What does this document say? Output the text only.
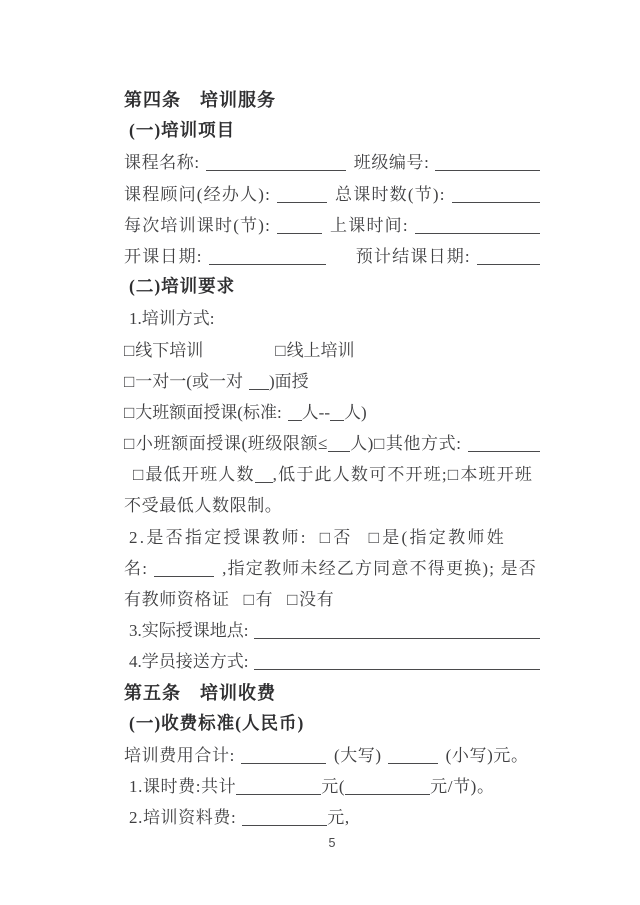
第四条　培训服务
(一)培训项目
课程名称:	班级编号:
课程顾问(经办人):	总课时数(节):
每次培训课时(节):	上课时间:
开课日期:	预计结课日期:
(二)培训要求
1.培训方式:
□ 线下培训	□ 线上培训
□ 一对一(或一对 )面授
□ 大班额面授课(标准: 人-- 人)
□ 小班额面授课(班级限额≤ 人) □ 其他方式:
□ 最低开班人数 ,低于此人数可不开班; □ 本班开班
不受最低人数限制。
2.是否指定授课教师: □ 否 □ 是(指定教师姓
名:	,指定教师未经乙方同意不得更换); 是否
有教师资格证 □ 有 □ 没有
3.实际授课地点:
4.学员接送方式:
第五条　培训收费
(一)收费标准(人民币)
培训费用合计:	(大写)	(小写)元。
1.课时费:共计	元(	元/节)。
2.培训资料费:	元,
5
